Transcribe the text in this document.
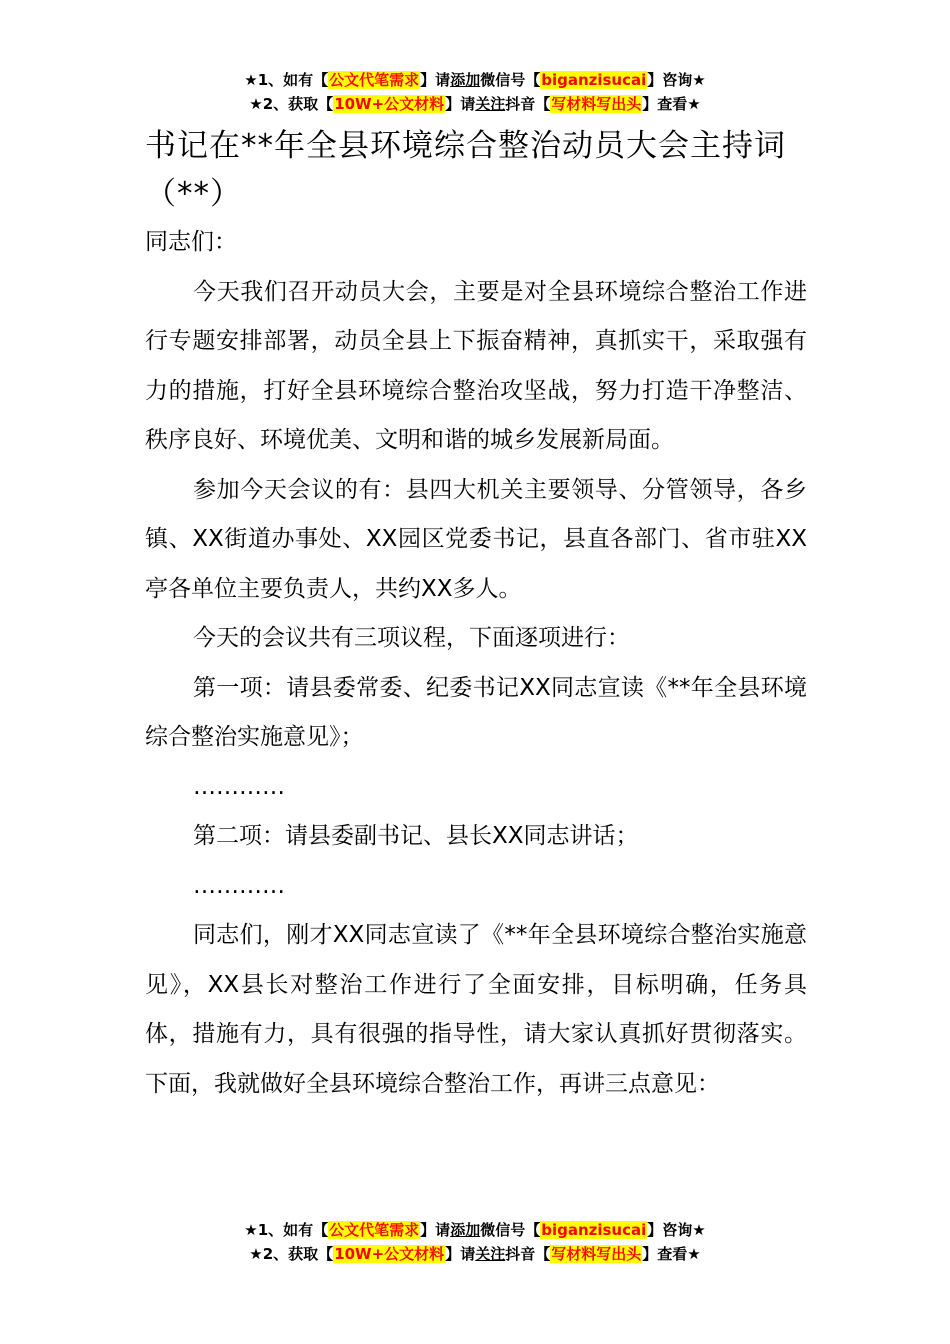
★1、如有【公文代笔需求】请添加微信号【biganzisucai】咨询★
★2、获取【10W+公文材料】请关注抖音【写材料写出头】查看★
书记在**年全县环境综合整治动员大会主持词（**）

同志们：

今天我们召开动员大会，主要是对全县环境综合整治工作进行专题安排部署，动员全县上下振奋精神，真抓实干，采取强有力的措施，打好全县环境综合整治攻坚战，努力打造干净整洁、秩序良好、环境优美、文明和谐的城乡发展新局面。

参加今天会议的有：县四大机关主要领导、分管领导，各乡镇、XX街道办事处、XX园区党委书记，县直各部门、省市驻XX亭各单位主要负责人，共约XX多人。

今天的会议共有三项议程，下面逐项进行：

第一项：请县委常委、纪委书记XX同志宣读《**年全县环境综合整治实施意见》；

…………

第二项：请县委副书记、县长XX同志讲话；

…………

同志们，刚才XX同志宣读了《**年全县环境综合整治实施意见》，XX县长对整治工作进行了全面安排，目标明确，任务具体，措施有力，具有很强的指导性，请大家认真抓好贯彻落实。下面，我就做好全县环境综合整治工作，再讲三点意见：

★1、如有【公文代笔需求】请添加微信号【biganzisucai】咨询★
★2、获取【10W+公文材料】请关注抖音【写材料写出头】查看★
